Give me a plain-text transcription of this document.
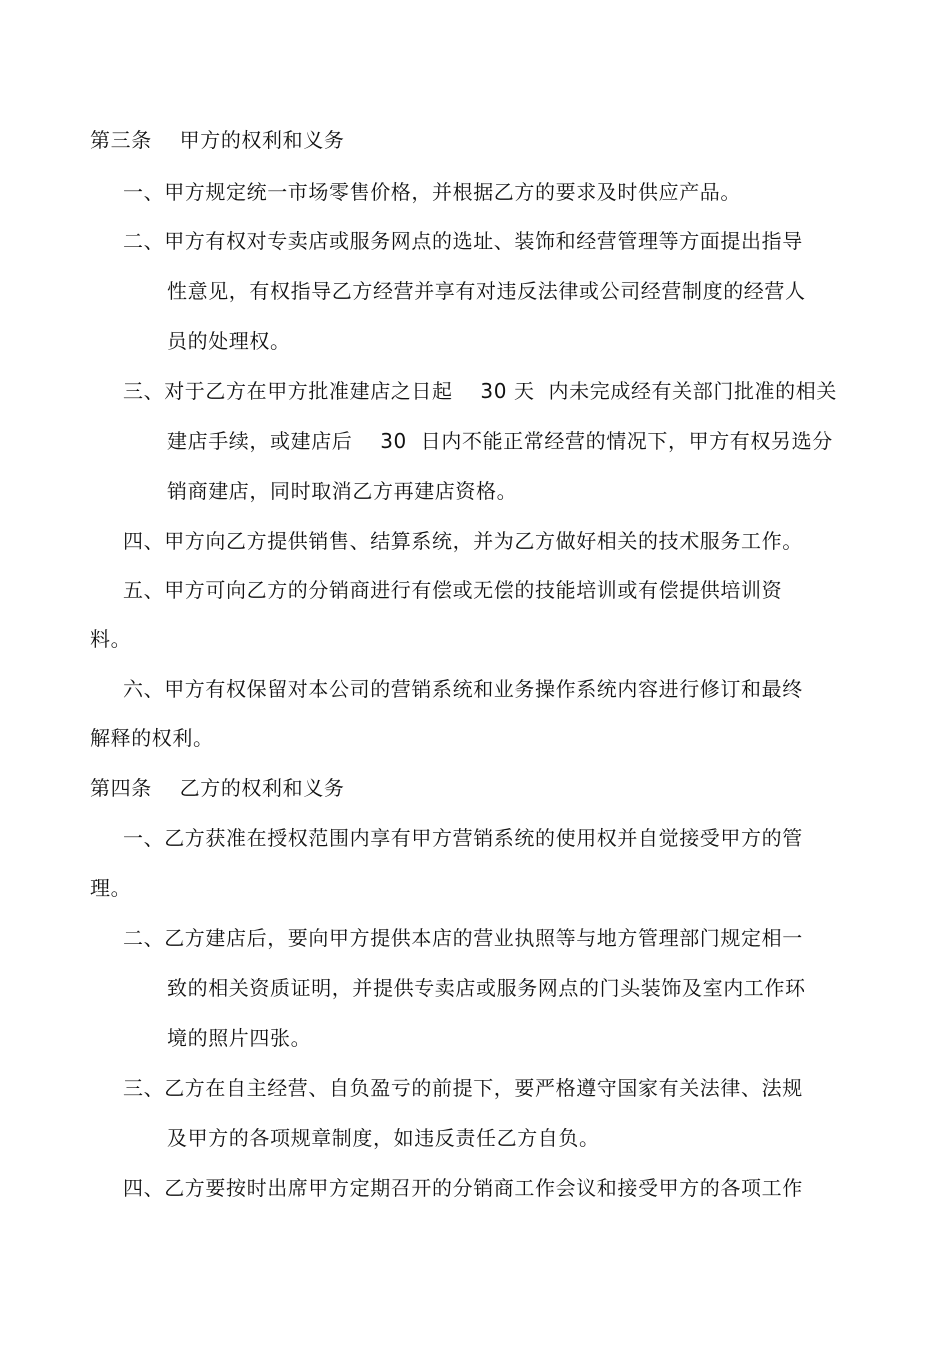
第三条    甲方的权利和义务
一、甲方规定统一市场零售价格，并根据乙方的要求及时供应产品。
二、甲方有权对专卖店或服务网点的选址、装饰和经营管理等方面提出指导
性意见，有权指导乙方经营并享有对违反法律或公司经营制度的经营人
员的处理权。
三、对于乙方在甲方批准建店之日起    30 天  内未完成经有关部门批准的相关
建店手续，或建店后    30  日内不能正常经营的情况下，甲方有权另选分
销商建店，同时取消乙方再建店资格。
四、甲方向乙方提供销售、结算系统，并为乙方做好相关的技术服务工作。
五、甲方可向乙方的分销商进行有偿或无偿的技能培训或有偿提供培训资
料。
六、甲方有权保留对本公司的营销系统和业务操作系统内容进行修订和最终
解释的权利。
第四条    乙方的权利和义务
一、乙方获准在授权范围内享有甲方营销系统的使用权并自觉接受甲方的管
理。
二、乙方建店后，要向甲方提供本店的营业执照等与地方管理部门规定相一
致的相关资质证明，并提供专卖店或服务网点的门头装饰及室内工作环
境的照片四张。
三、乙方在自主经营、自负盈亏的前提下，要严格遵守国家有关法律、法规
及甲方的各项规章制度，如违反责任乙方自负。
四、乙方要按时出席甲方定期召开的分销商工作会议和接受甲方的各项工作
